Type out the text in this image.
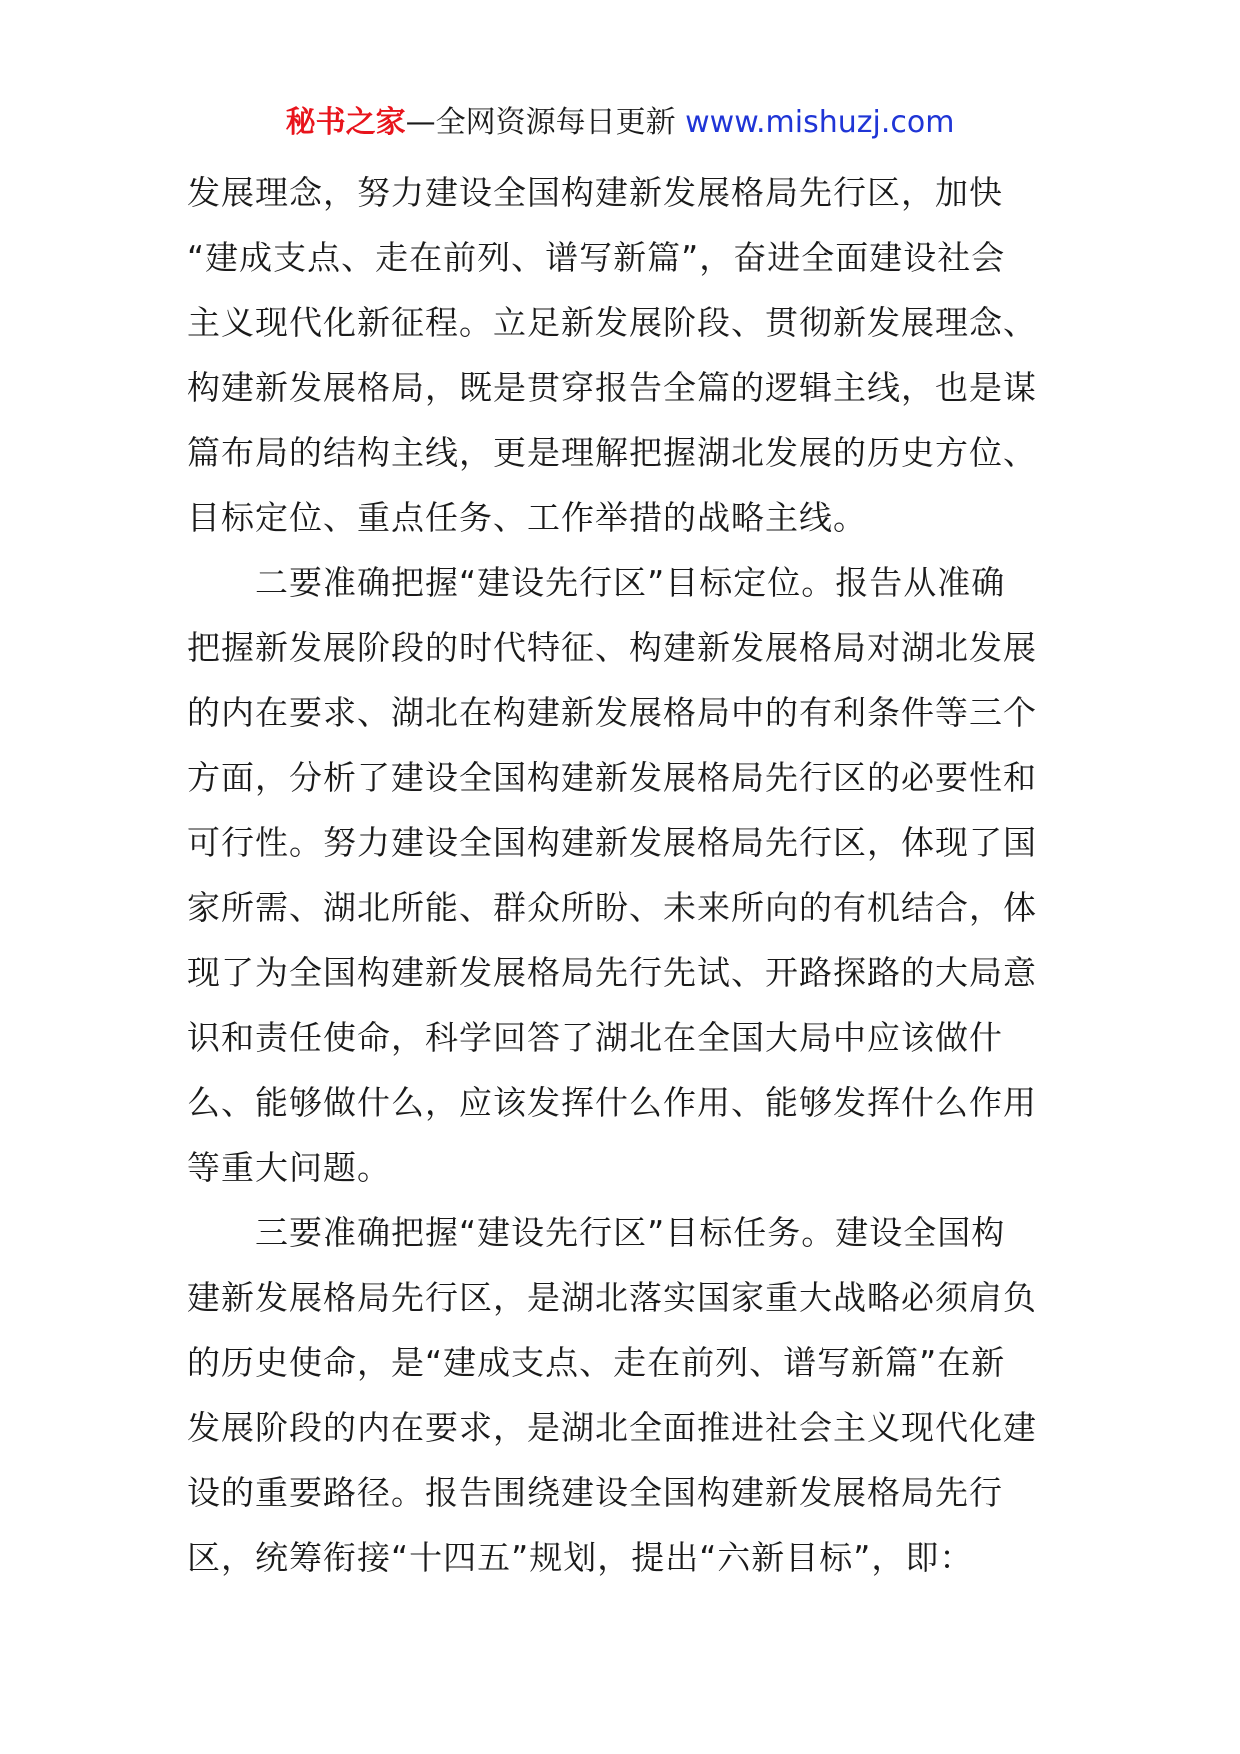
秘书之家—全网资源每日更新 www.mishuzj.com
发展理念，努力建设全国构建新发展格局先行区，加快
“建成支点、走在前列、谱写新篇”，奋进全面建设社会
主义现代化新征程。立足新发展阶段、贯彻新发展理念、
构建新发展格局，既是贯穿报告全篇的逻辑主线，也是谋
篇布局的结构主线，更是理解把握湖北发展的历史方位、
目标定位、重点任务、工作举措的战略主线。
二要准确把握“建设先行区”目标定位。报告从准确
把握新发展阶段的时代特征、构建新发展格局对湖北发展
的内在要求、湖北在构建新发展格局中的有利条件等三个
方面，分析了建设全国构建新发展格局先行区的必要性和
可行性。努力建设全国构建新发展格局先行区，体现了国
家所需、湖北所能、群众所盼、未来所向的有机结合，体
现了为全国构建新发展格局先行先试、开路探路的大局意
识和责任使命，科学回答了湖北在全国大局中应该做什
么、能够做什么，应该发挥什么作用、能够发挥什么作用
等重大问题。
三要准确把握“建设先行区”目标任务。建设全国构
建新发展格局先行区，是湖北落实国家重大战略必须肩负
的历史使命，是“建成支点、走在前列、谱写新篇”在新
发展阶段的内在要求，是湖北全面推进社会主义现代化建
设的重要路径。报告围绕建设全国构建新发展格局先行
区，统筹衔接“十四五”规划，提出“六新目标”，即：
